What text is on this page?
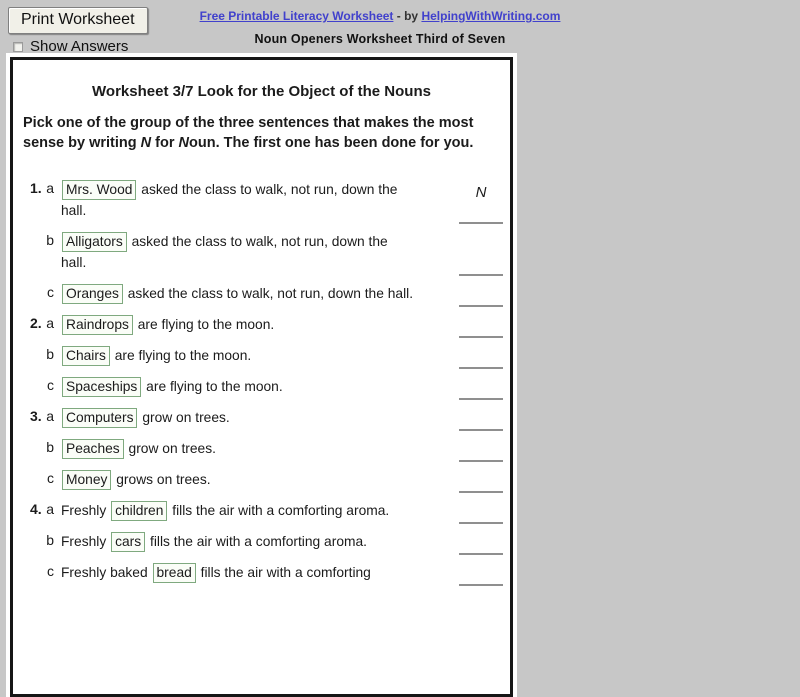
Print Worksheet
Show Answers
Free Printable Literacy Worksheet - by HelpingWithWriting.com
Noun Openers Worksheet Third of Seven
Worksheet 3/7 Look for the Object of the Nouns
Pick one of the group of the three sentences that makes the most
sense by writing N for Noun. The first one has been done for you.
1. a Mrs. Wood asked the class to walk, not run, down the
hall.
N
b Alligators asked the class to walk, not run, down the
hall.
c Oranges asked the class to walk, not run, down the hall.
2. a Raindrops are flying to the moon.
b Chairs are flying to the moon.
c Spaceships are flying to the moon.
3. a Computers grow on trees.
b Peaches grow on trees.
c Money grows on trees.
4. a Freshly children fills the air with a comforting aroma.
b Freshly cars fills the air with a comforting aroma.
c Freshly baked bread fills the air with a comforting
